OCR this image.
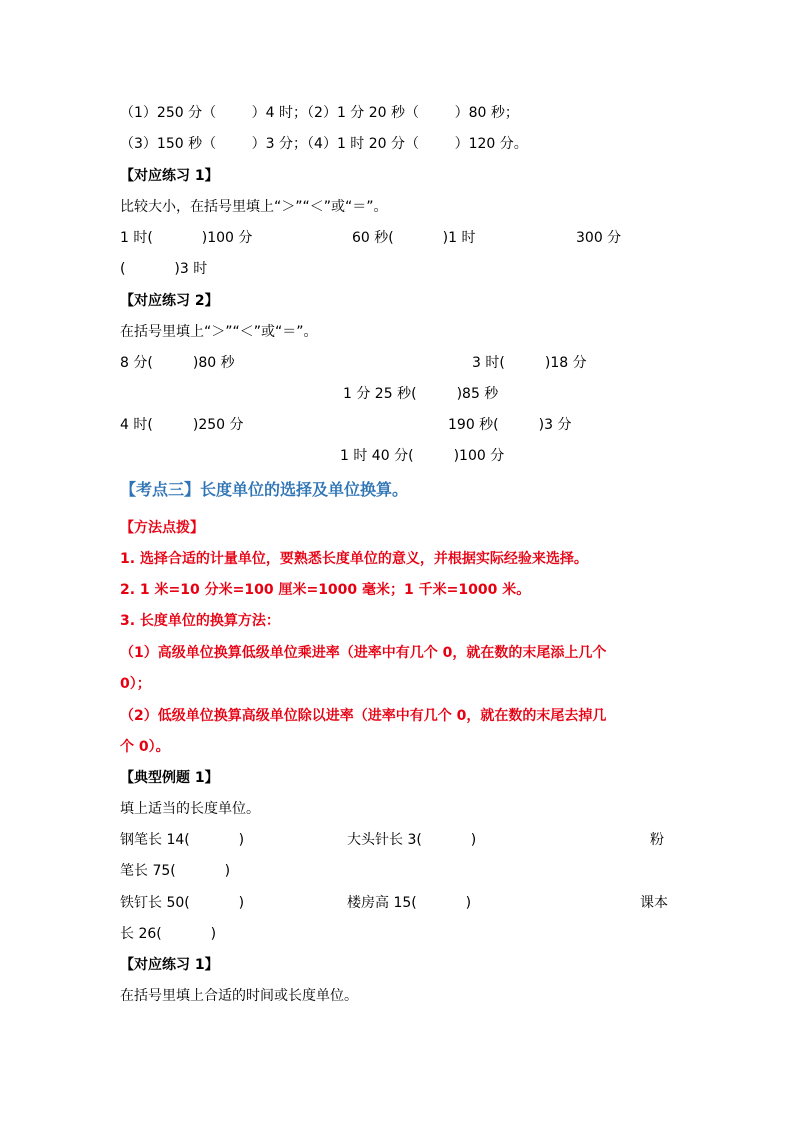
（1）250 分（        ）4 时；（2）1 分 20 秒（        ）80 秒；
（3）150 秒（        ）3 分；（4）1 时 20 分（        ）120 分。
【对应练习 1】
比较大小，在括号里填上“＞”“＜”或“＝”。
1 时(           )100 分	60 秒(           )1 时	300 分
(           )3 时
【对应练习 2】
在括号里填上“＞”“＜”或“＝”。
8 分(         )80 秒	3 时(         )18 分
1 分 25 秒(         )85 秒
4 时(         )250 分	190 秒(         )3 分
1 时 40 分(         )100 分
【考点三】长度单位的选择及单位换算。
【方法点拨】
1. 选择合适的计量单位，要熟悉长度单位的意义，并根据实际经验来选择。
2. 1 米=10 分米=100 厘米=1000 毫米；1 千米=1000 米。
3. 长度单位的换算方法：
（1）高级单位换算低级单位乘进率（进率中有几个 0，就在数的末尾添上几个
0）；
（2）低级单位换算高级单位除以进率（进率中有几个 0，就在数的末尾去掉几
个 0）。
【典型例题 1】
填上适当的长度单位。
钢笔长 14(           )	大头针长 3(           )	粉
笔长 75(           )
铁钉长 50(           )	楼房高 15(           )	课本
长 26(           )
【对应练习 1】
在括号里填上合适的时间或长度单位。
